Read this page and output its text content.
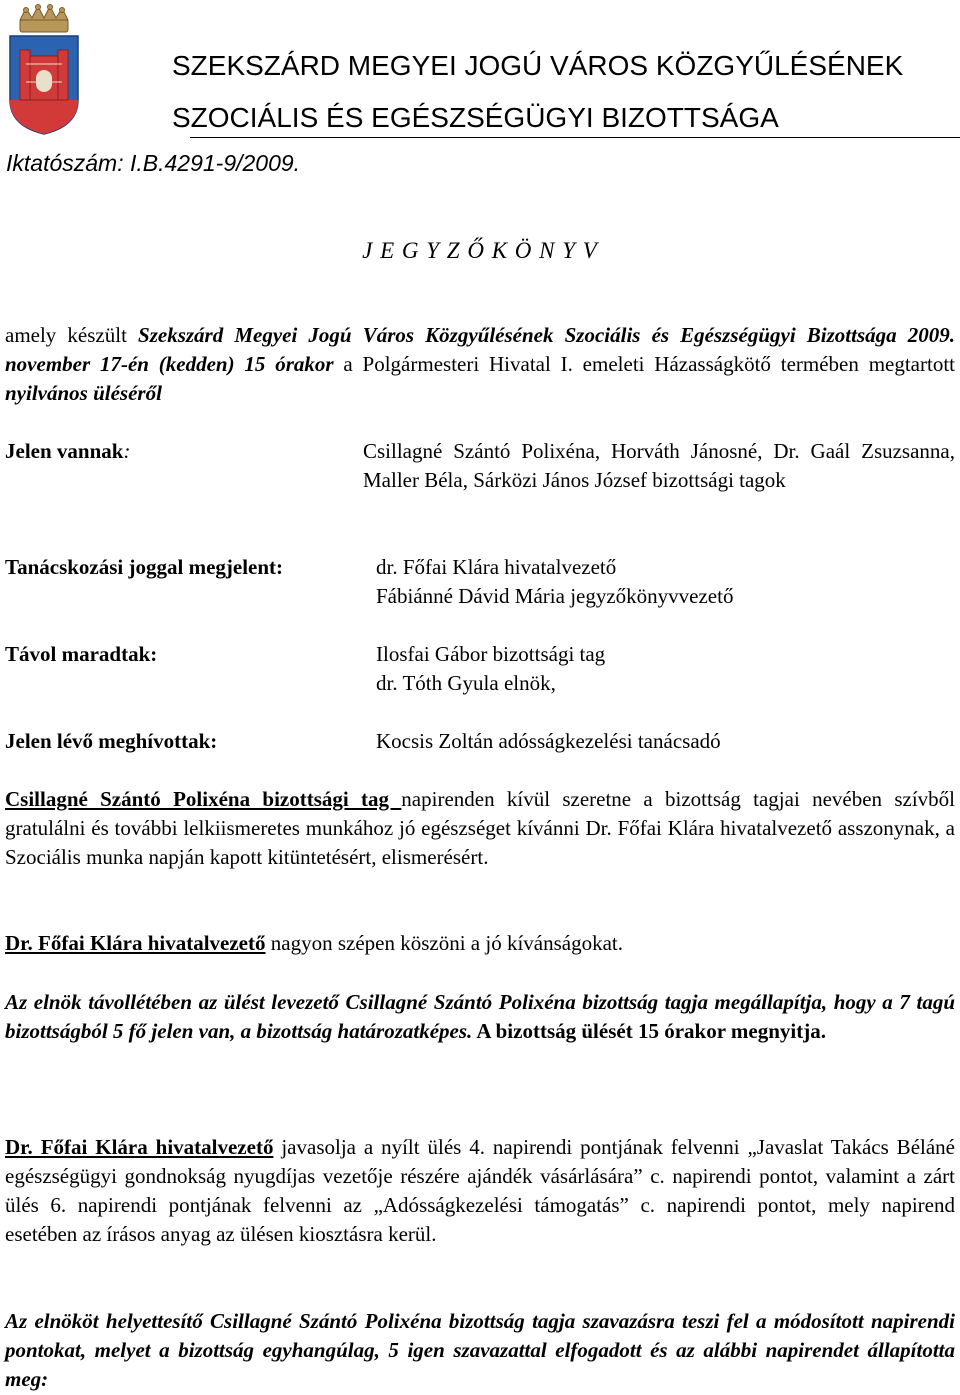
SZEKSZÁRD MEGYEI JOGÚ VÁROS KÖZGYŰLÉSÉNEK
SZOCIÁLIS ÉS EGÉSZSÉGÜGYI BIZOTTSÁGA
Iktatószám: I.B.4291-9/2009.
J E G Y Z Ő K Ö N Y V
amely készült Szekszárd Megyei Jogú Város Közgyűlésének Szociális és Egészségügyi Bizottsága 2009. november 17-én (kedden) 15 órakor a Polgármesteri Hivatal I. emeleti Házasságkötő termében megtartott nyilvános üléséről
Jelen vannak:	Csillagné Szántó Polixéna, Horváth Jánosné, Dr. Gaál Zsuzsanna, Maller Béla, Sárközi János József bizottsági tagok
Tanácskozási joggal megjelent:	dr. Főfai Klára hivatalvezető
Fábiánné Dávid Mária jegyzőkönyvvezető
Távol maradtak:	Ilosfai Gábor bizottsági tag
dr. Tóth Gyula elnök,
Jelen lévő meghívottak:	Kocsis Zoltán adósságkezelési tanácsadó
Csillagné Szántó Polixéna bizottsági tag napirenden kívül szeretne a bizottság tagjai nevében szívből gratulálni és további lelkiismeretes munkához jó egészséget kívánni Dr. Főfai Klára hivatalvezető asszonynak, a Szociális munka napján kapott kitüntetésért, elismerésért.
Dr. Főfai Klára hivatalvezető nagyon szépen köszöni a jó kívánságokat.
Az elnök távollétében az ülést levezető Csillagné Szántó Polixéna bizottság tagja megállapítja, hogy a 7 tagú bizottságból 5 fő jelen van, a bizottság határozatképes. A bizottság ülését 15 órakor megnyitja.
Dr. Főfai Klára hivatalvezető javasolja a nyílt ülés 4. napirendi pontjának felvenni „Javaslat Takács Béláné egészségügyi gondnokság nyugdíjas vezetője részére ajándék vásárlására” c. napirendi pontot, valamint a zárt ülés 6. napirendi pontjának felvenni az „Adósságkezelési támogatás” c. napirendi pontot, mely napirend esetében az írásos anyag az ülésen kiosztásra kerül.
Az elnököt helyettesítő Csillagné Szántó Polixéna bizottság tagja szavazásra teszi fel a módosított napirendi pontokat, melyet a bizottság egyhangúlag, 5 igen szavazattal elfogadott és az alábbi napirendet állapította meg:
